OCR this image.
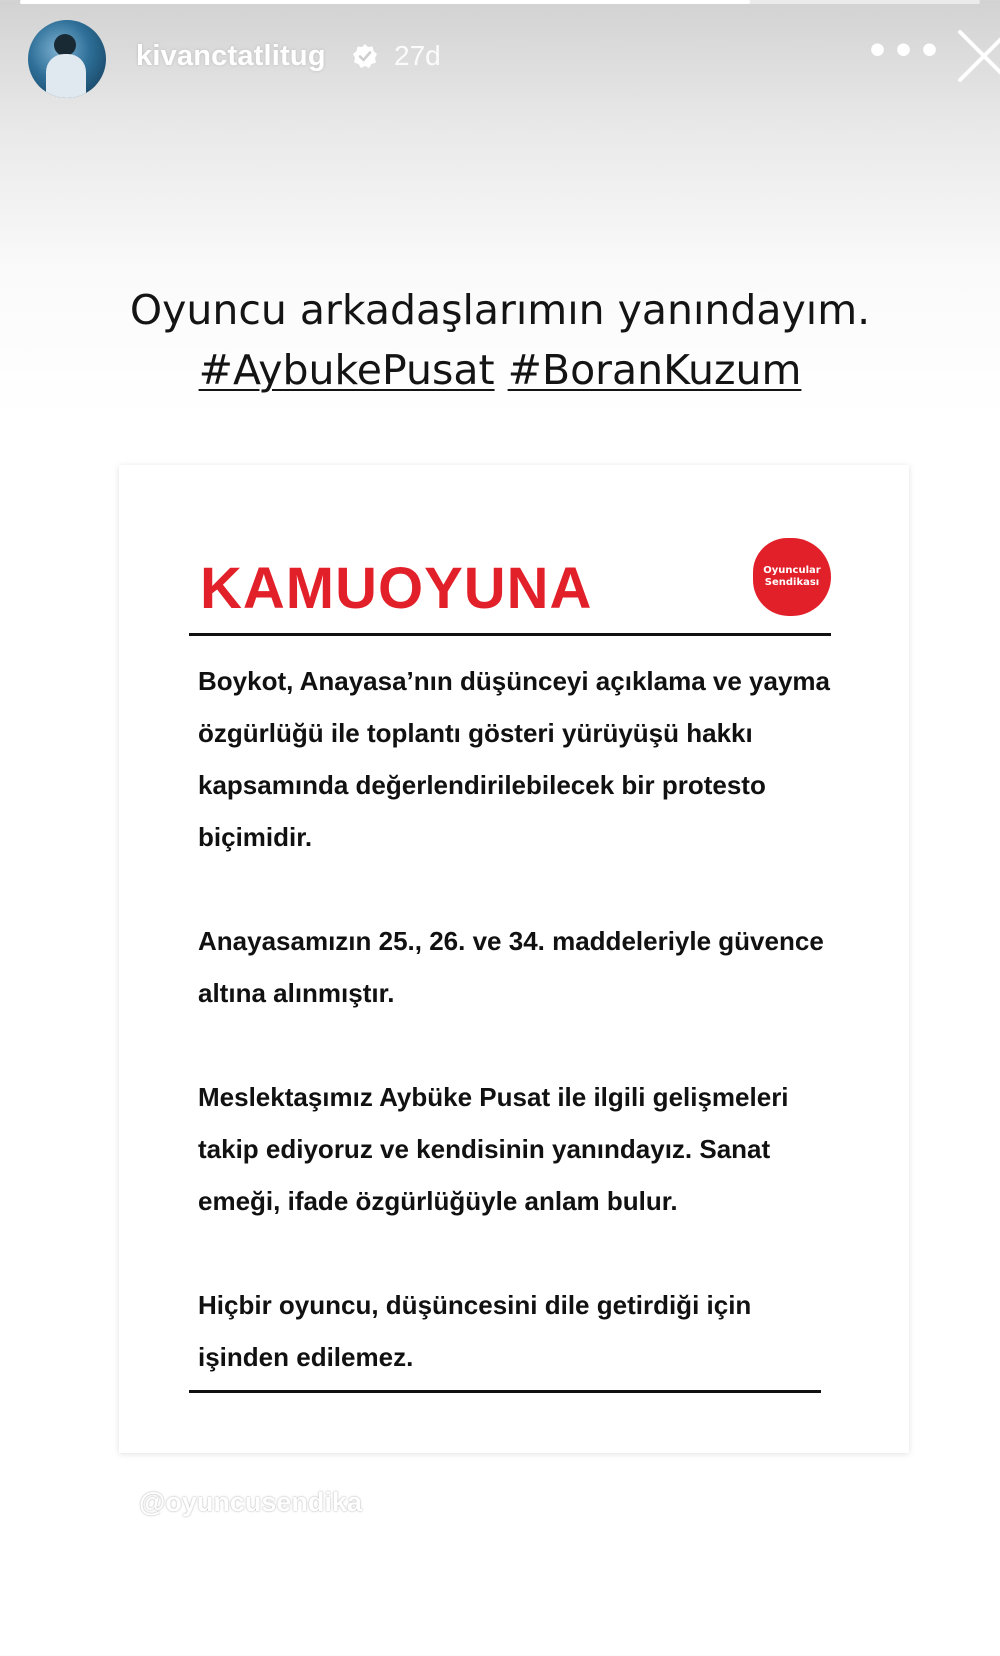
kivanctatlitug 27d	•••
Oyuncu arkadaşlarımın yanındayım.
#AybukePusat #BoranKuzum
KAMUOYUNA	Oyuncular
Sendikası

Boykot, Anayasa’nın düşünceyi açıklama ve yayma özgürlüğü ile toplantı gösteri yürüyüşü hakkı kapsamında değerlendirilebilecek bir protesto biçimidir.

Anayasamızın 25., 26. ve 34. maddeleriyle güvence altına alınmıştır.

Meslektaşımız Aybüke Pusat ile ilgili gelişmeleri takip ediyoruz ve kendisinin yanındayız. Sanat emeği, ifade özgürlüğüyle anlam bulur.

Hiçbir oyuncu, düşüncesini dile getirdiği için işinden edilemez.

@oyuncusendika
